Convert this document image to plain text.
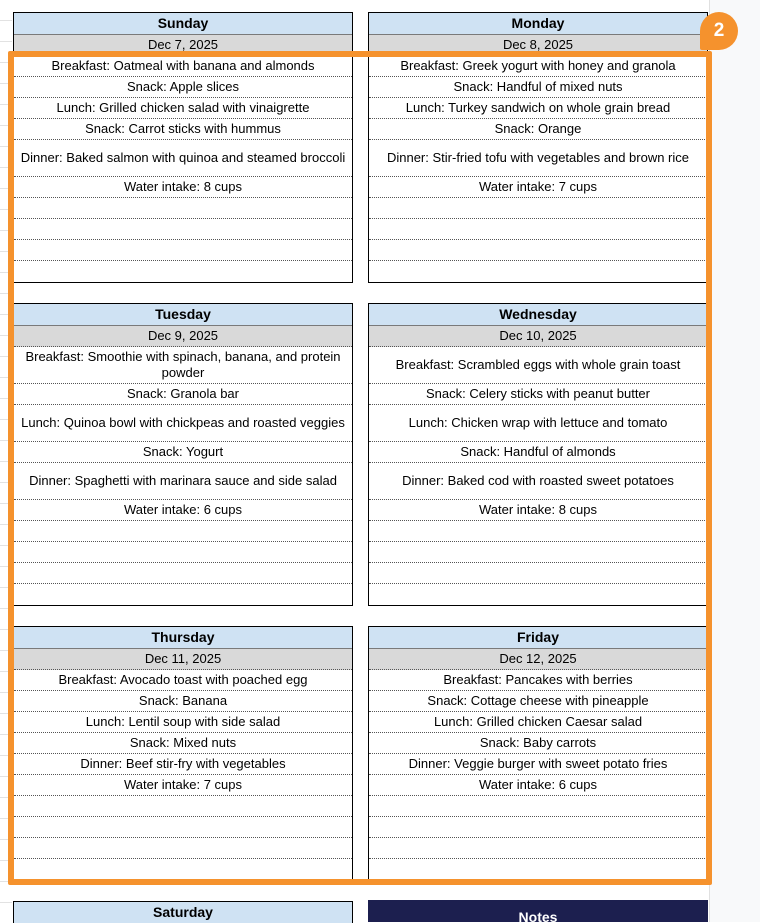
Sunday
Dec 7, 2025
Breakfast: Oatmeal with banana and almonds
Snack: Apple slices
Lunch: Grilled chicken salad with vinaigrette
Snack: Carrot sticks with hummus
Dinner: Baked salmon with quinoa and steamed broccoli
Water intake: 8 cups
Monday
Dec 8, 2025
Breakfast: Greek yogurt with honey and granola
Snack: Handful of mixed nuts
Lunch: Turkey sandwich on whole grain bread
Snack: Orange
Dinner: Stir-fried tofu with vegetables and brown rice
Water intake: 7 cups
Tuesday
Dec 9, 2025
Breakfast: Smoothie with spinach, banana, and protein powder
Snack: Granola bar
Lunch: Quinoa bowl with chickpeas and roasted veggies
Snack: Yogurt
Dinner: Spaghetti with marinara sauce and side salad
Water intake: 6 cups
Wednesday
Dec 10, 2025
Breakfast: Scrambled eggs with whole grain toast
Snack: Celery sticks with peanut butter
Lunch: Chicken wrap with lettuce and tomato
Snack: Handful of almonds
Dinner: Baked cod with roasted sweet potatoes
Water intake: 8 cups
Thursday
Dec 11, 2025
Breakfast: Avocado toast with poached egg
Snack: Banana
Lunch: Lentil soup with side salad
Snack: Mixed nuts
Dinner: Beef stir-fry with vegetables
Water intake: 7 cups
Friday
Dec 12, 2025
Breakfast: Pancakes with berries
Snack: Cottage cheese with pineapple
Lunch: Grilled chicken Caesar salad
Snack: Baby carrots
Dinner: Veggie burger with sweet potato fries
Water intake: 6 cups
Saturday	Notes
2
